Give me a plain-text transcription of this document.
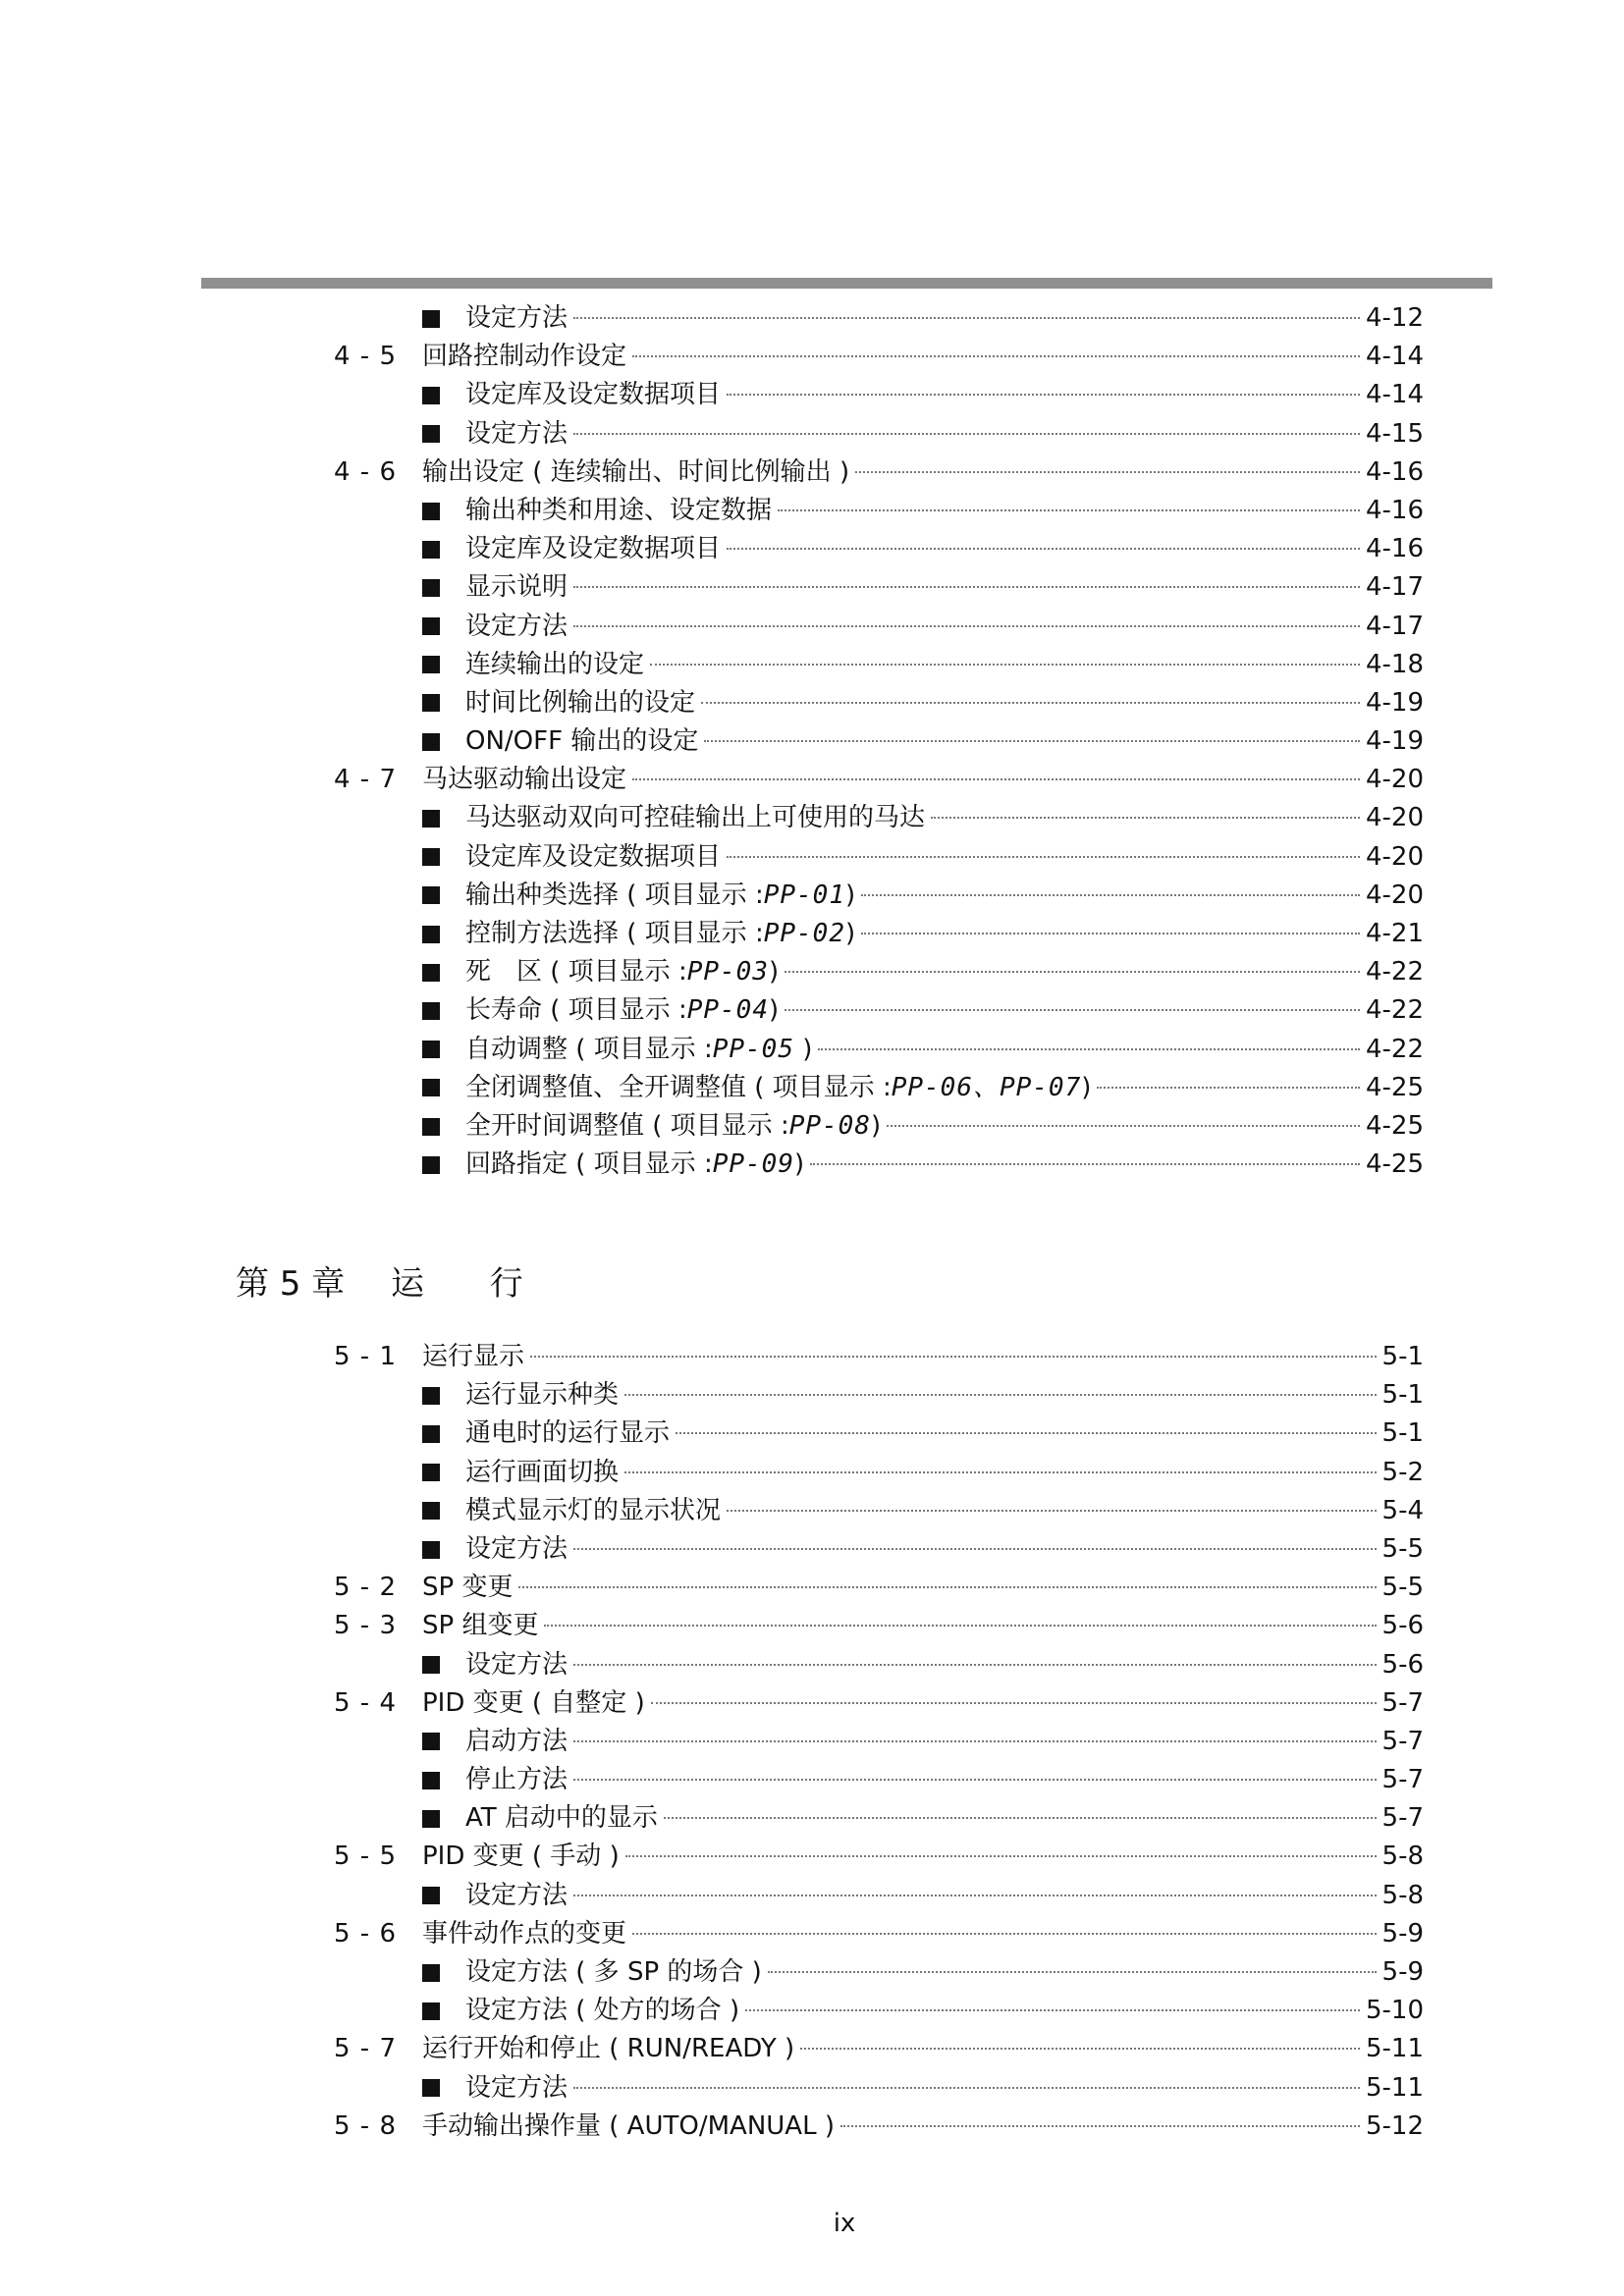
设定方法	4-12
4 - 5	回路控制动作设定	4-14
设定库及设定数据项目	4-14
设定方法	4-15
4 - 6	输出设定 ( 连续输出、时间比例输出 )	4-16
输出种类和用途、设定数据	4-16
设定库及设定数据项目	4-16
显示说明	4-17
设定方法	4-17
连续输出的设定	4-18
时间比例输出的设定	4-19
ON/OFF 输出的设定	4-19
4 - 7	马达驱动输出设定	4-20
马达驱动双向可控硅输出上可使用的马达	4-20
设定库及设定数据项目	4-20
输出种类选择 ( 项目显示 :PP-01)	4-20
控制方法选择 ( 项目显示 :PP-02)	4-21
死　区 ( 项目显示 :PP-03)	4-22
长寿命 ( 项目显示 :PP-04)	4-22
自动调整 ( 项目显示 :PP-05 )	4-22
全闭调整值、全开调整值 ( 项目显示 :PP-06、PP-07)	4-25
全开时间调整值 ( 项目显示 :PP-08)	4-25
回路指定 ( 项目显示 :PP-09)	4-25
第 5 章 运 行
5 - 1	运行显示	5-1
运行显示种类	5-1
通电时的运行显示	5-1
运行画面切换	5-2
模式显示灯的显示状况	5-4
设定方法	5-5
5 - 2	SP 变更	5-5
5 - 3	SP 组变更	5-6
设定方法	5-6
5 - 4	PID 变更 ( 自整定 )	5-7
启动方法	5-7
停止方法	5-7
AT 启动中的显示	5-7
5 - 5	PID 变更 ( 手动 )	5-8
设定方法	5-8
5 - 6	事件动作点的变更	5-9
设定方法 ( 多 SP 的场合 )	5-9
设定方法 ( 处方的场合 )	5-10
5 - 7	运行开始和停止 ( RUN/READY )	5-11
设定方法	5-11
5 - 8	手动输出操作量 ( AUTO/MANUAL )	5-12
ix
